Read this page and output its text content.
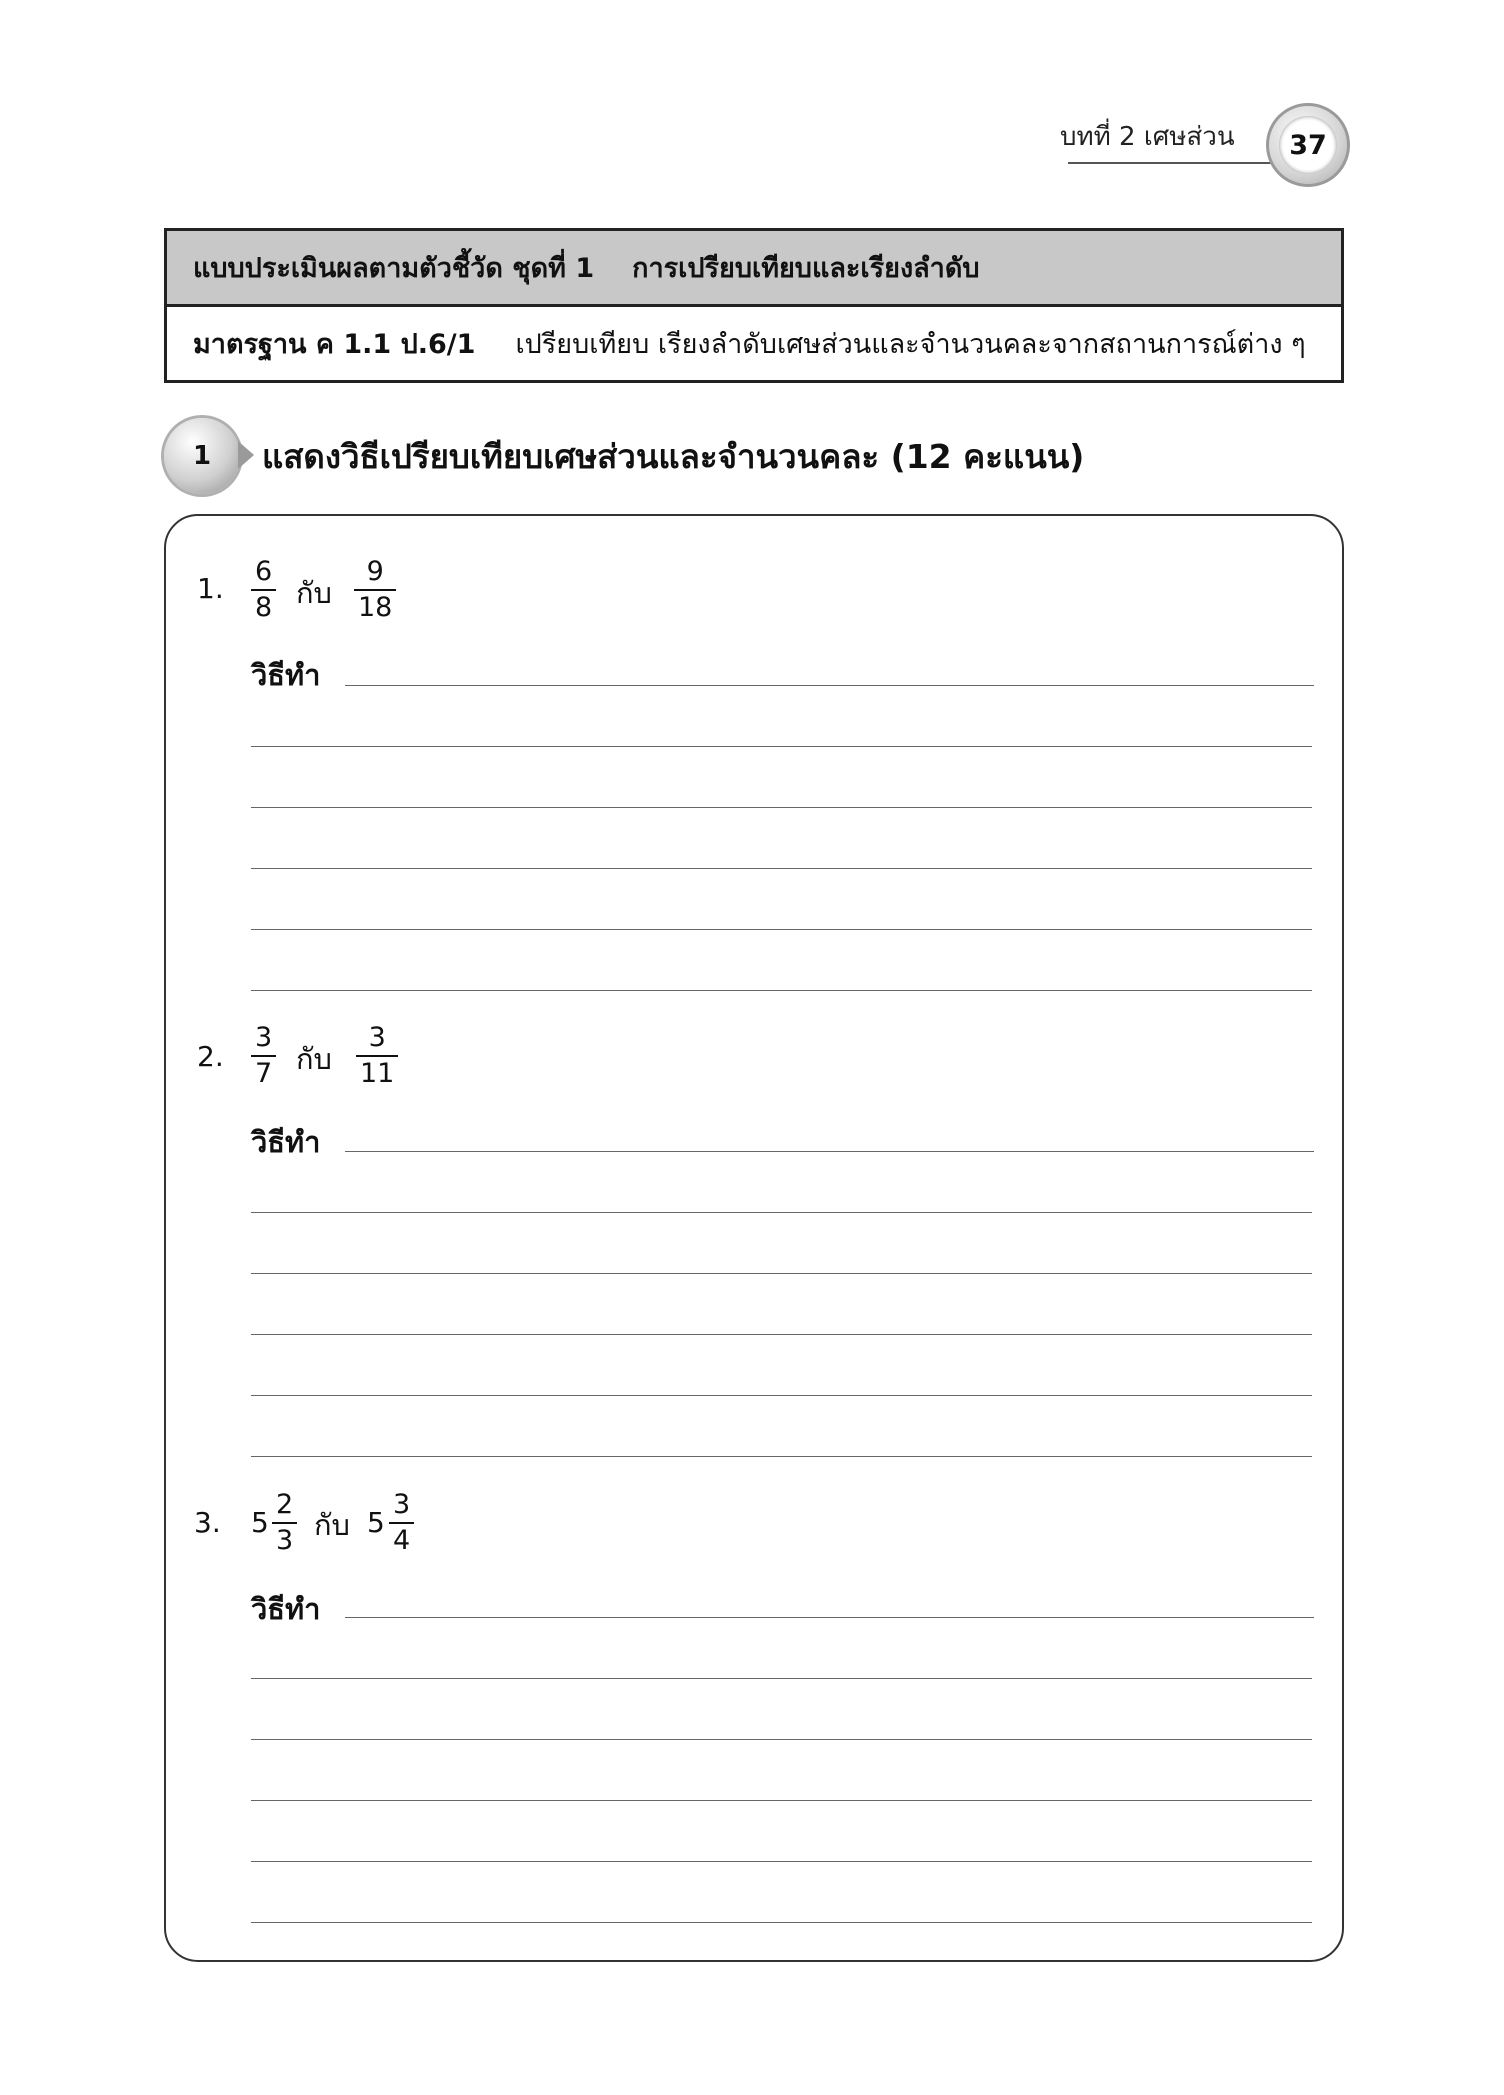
บทที่ 2 เศษส่วน	37
แบบประเมินผลตามตัวชี้วัด ชุดที่ 1 การเปรียบเทียบและเรียงลำดับ
มาตรฐาน ค 1.1 ป.6/1 เปรียบเทียบ เรียงลำดับเศษส่วนและจำนวนคละจากสถานการณ์ต่าง ๆ
1	แสดงวิธีเปรียบเทียบเศษส่วนและจำนวนคละ (12 คะแนน)
1. $\frac{6}{8}$ กับ $\frac{9}{18}$
วิธีทำ
2. $\frac{3}{7}$ กับ $\frac{3}{11}$
วิธีทำ
3. $5 \frac{2}{3}$ กับ $5 \frac{3}{4}$
วิธีทำ
